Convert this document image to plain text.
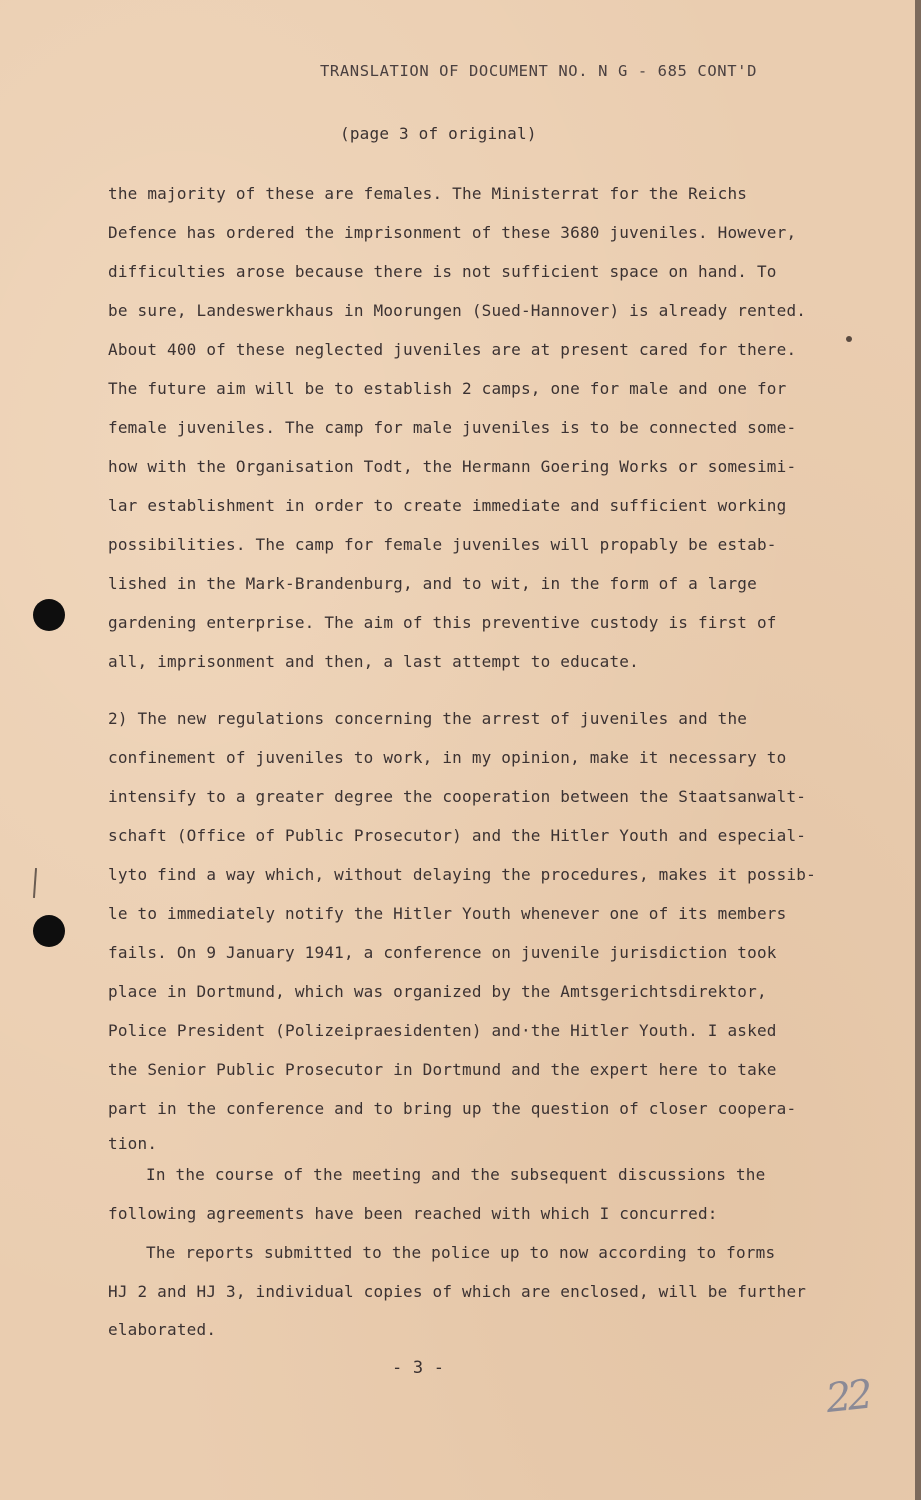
TRANSLATION OF DOCUMENT NO. N G - 685 CONT'D
(page 3 of original)
the majority of these are females. The Ministerrat for the Reichs
Defence has ordered the imprisonment of these 3680 juveniles. However,
difficulties arose because there is not sufficient space on hand. To
be sure, Landeswerkhaus in Moorungen (Sued-Hannover) is already rented.
About 400 of these neglected juveniles are at present cared for there.
The future aim will be to establish 2 camps, one for male and one for
female juveniles. The camp for male juveniles is to be connected some-
how with the Organisation Todt, the Hermann Goering Works or somesimi-
lar establishment in order to create immediate and sufficient working
possibilities. The camp for female juveniles will propably be estab-
lished in the Mark-Brandenburg, and to wit, in the form of a large
gardening enterprise. The aim of this preventive custody is first of
all, imprisonment and then, a last attempt to educate.
2) The new regulations concerning the arrest of juveniles and the
confinement of juveniles to work, in my opinion, make it necessary to
intensify to a greater degree the cooperation between the Staatsanwalt-
schaft (Office of Public Prosecutor) and the Hitler Youth and especial-
lyto find a way which, without delaying the procedures, makes it possib-
le to immediately notify the Hitler Youth whenever one of its members
fails. On 9 January 1941, a conference on juvenile jurisdiction took
place in Dortmund, which was organized by the Amtsgerichtsdirektor,
Police President (Polizeipraesidenten) and·the Hitler Youth. I asked
the Senior Public Prosecutor in Dortmund and the expert here to take
part in the conference and to bring up the question of closer coopera-
tion.
In the course of the meeting and the subsequent discussions the
following agreements have been reached with which I concurred:
The reports submitted to the police up to now according to forms
HJ 2 and HJ 3, individual copies of which are enclosed, will be further
elaborated.
- 3 -
22
